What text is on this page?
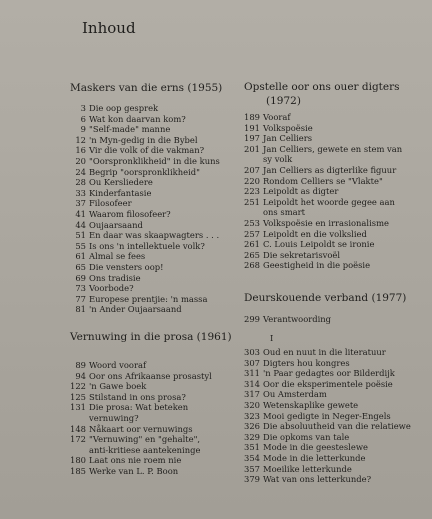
Inhoud
Maskers van die erns (1955)
3 Die oop gesprek
6 Wat kon daarvan kom?
9 "Self-made" manne
12 'n Myn-gedig in die Bybel
16 Vir die volk of die vakman?
20 "Oorspronklikheid" in die kuns
24 Begrip "oorspronklikheid"
28 Ou Kersliedere
33 Kinderfantasie
37 Filosofeer
41 Waarom filosofeer?
44 Oujaarsaand
51 En daar was skaapwagters . . .
55 Is ons 'n intellektuele volk?
61 Almal se fees
65 Die vensters oop!
69 Ons tradisie
73 Voorbode?
77 Europese prentjie: 'n massa
81 'n Ander Oujaarsaand
Vernuwing in die prosa (1961)
89 Woord vooraf
94 Oor ons Afrikaanse prosastyl
122 'n Gawe boek
125 Stilstand in ons prosa?
131 Die prosa: Wat beteken
vernuwing?
148 Nåkaart oor vernuwings
172 "Vernuwing" en "gehalte",
anti-kritiese aantekeninge
180 Laat ons nie roem nie
185 Werke van L. P. Boon
Opstelle oor ons ouer digters
(1972)
189 Vooraf
191 Volkspoësie
197 Jan Celliers
201 Jan Celliers, gewete en stem van
sy volk
207 Jan Celliers as digterlike figuur
220 Rondom Celliers se "Vlakte"
223 Leipoldt as digter
251 Leipoldt het woorde gegee aan
ons smart
253 Volkspoësie en irrasionalisme
257 Leipoldt en die volkslied
261 C. Louis Leipoldt se ironie
265 Die sekretarisvoël
268 Geestigheid in die poësie
Deurskouende verband (1977)
299 Verantwoording
I
303 Oud en nuut in die literatuur
307 Digters hou kongres
311 'n Paar gedagtes oor Bilderdijk
314 Oor die eksperimentele poësie
317 Ou Amsterdam
320 Wetenskaplike gewete
323 Mooi gedigte in Neger-Engels
326 Die absoluutheid van die relatiewe
329 Die opkoms van tale
351 Mode in die geesteslewe
354 Mode in die letterkunde
357 Moeilike letterkunde
379 Wat van ons letterkunde?
